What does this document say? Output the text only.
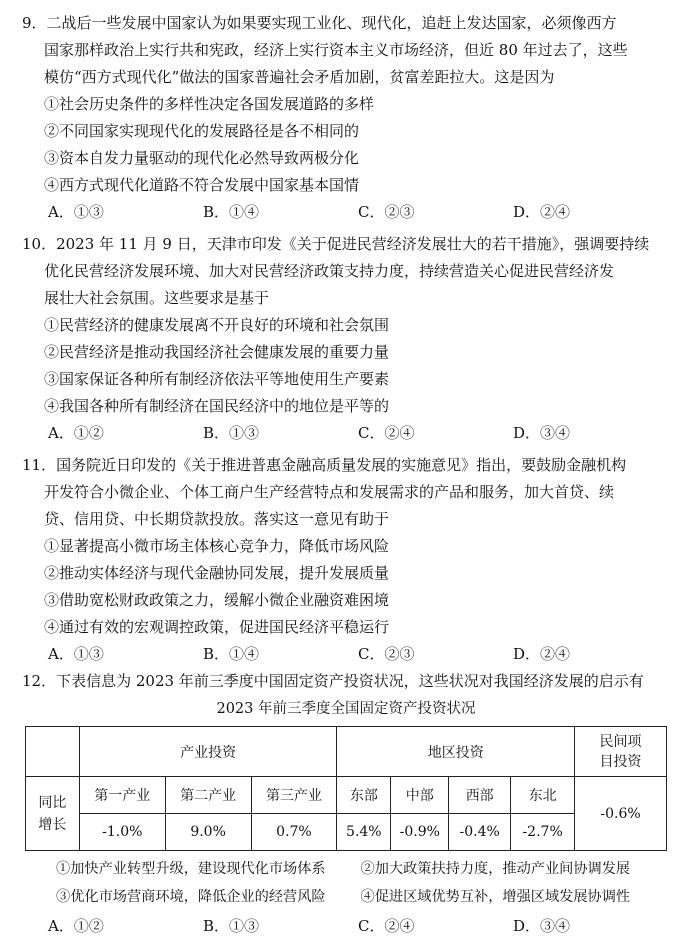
9．二战后一些发展中国家认为如果要实现工业化、现代化，追赶上发达国家，必须像西方

国家那样政治上实行共和宪政，经济上实行资本主义市场经济，但近 80 年过去了，这些

模仿“西方式现代化”做法的国家普遍社会矛盾加剧，贫富差距拉大。这是因为

①社会历史条件的多样性决定各国发展道路的多样

②不同国家实现现代化的发展路径是各不相同的

③资本自发力量驱动的现代化必然导致两极分化

④西方式现代化道路不符合发展中国家基本国情

A．①③	B．①④	C．②③	D．②④

10．2023 年 11 月 9 日，天津市印发《关于促进民营经济发展壮大的若干措施》，强调要持续

优化民营经济发展环境、加大对民营经济政策支持力度，持续营造关心促进民营经济发

展壮大社会氛围。这些要求是基于

①民营经济的健康发展离不开良好的环境和社会氛围

②民营经济是推动我国经济社会健康发展的重要力量

③国家保证各种所有制经济依法平等地使用生产要素

④我国各种所有制经济在国民经济中的地位是平等的

A．①②	B．①③	C．②④	D．③④

11．国务院近日印发的《关于推进普惠金融高质量发展的实施意见》指出，要鼓励金融机构

开发符合小微企业、个体工商户生产经营特点和发展需求的产品和服务，加大首贷、续

贷、信用贷、中长期贷款投放。落实这一意见有助于

①显著提高小微市场主体核心竞争力，降低市场风险

②推动实体经济与现代金融协同发展，提升发展质量

③借助宽松财政政策之力，缓解小微企业融资难困境

④通过有效的宏观调控政策，促进国民经济平稳运行

A．①③	B．①④	C．②③	D．②④

12．下表信息为 2023 年前三季度中国固定资产投资状况，这些状况对我国经济发展的启示有

2023 年前三季度全国固定资产投资状况
	产业投资			地区投资				民间项
目投资

同比
增长	第一产业	第二产业	第三产业	东部	中部	西部	东北	-0.6%
	-1.0%	9.0%	0.7%	5.4%	-0.9%	-0.4%	-2.7%	
①加快产业转型升级，建设现代化市场体系 ②加大政策扶持力度，推动产业间协调发展
③优化市场营商环境，降低企业的经营风险 ④促进区域优势互补，增强区域发展协调性
A．①②	B．①③	C．②④	D．③④
